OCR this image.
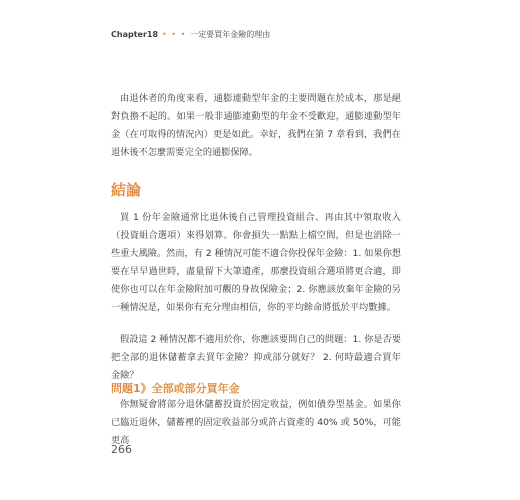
Chapter18 • • • 一定要買年金險的理由

由退休者的角度來看，通膨連動型年金的主要問題在於成本，那是絕對負擔不起的。如果一般非通膨連動型的年金不受歡迎，通膨連動型年金（在可取得的情況內）更是如此。幸好，我們在第 7 章看到，我們在退休後不怎麼需要完全的通膨保障。

結論

買 1 份年金險通常比退休後自己管理投資組合、再由其中領取收入（投資組合選項）來得划算。你會損失一點點上檔空間，但是也消除一些重大風險。然而，有 2 種情況可能不適合你投保年金險：1. 如果你想要在早早過世時，盡量留下大筆遺產，那麼投資組合選項將更合適，即使你也可以在年金險附加可觀的身故保險金；2. 你應該放棄年金險的另一種情況是，如果你有充分理由相信，你的平均餘命將低於平均數據。

假設這 2 種情況都不適用於你，你應該要問自己的問題：1. 你是否要把全部的退休儲蓄拿去買年金險？抑或部分就好？ 2. 何時最適合買年金險？

問題1》全部或部分買年金

你無疑會將部分退休儲蓄投資於固定收益，例如債券型基金。如果你已臨近退休，儲蓄裡的固定收益部分或許占資產的 40% 或 50%，可能更高

266
